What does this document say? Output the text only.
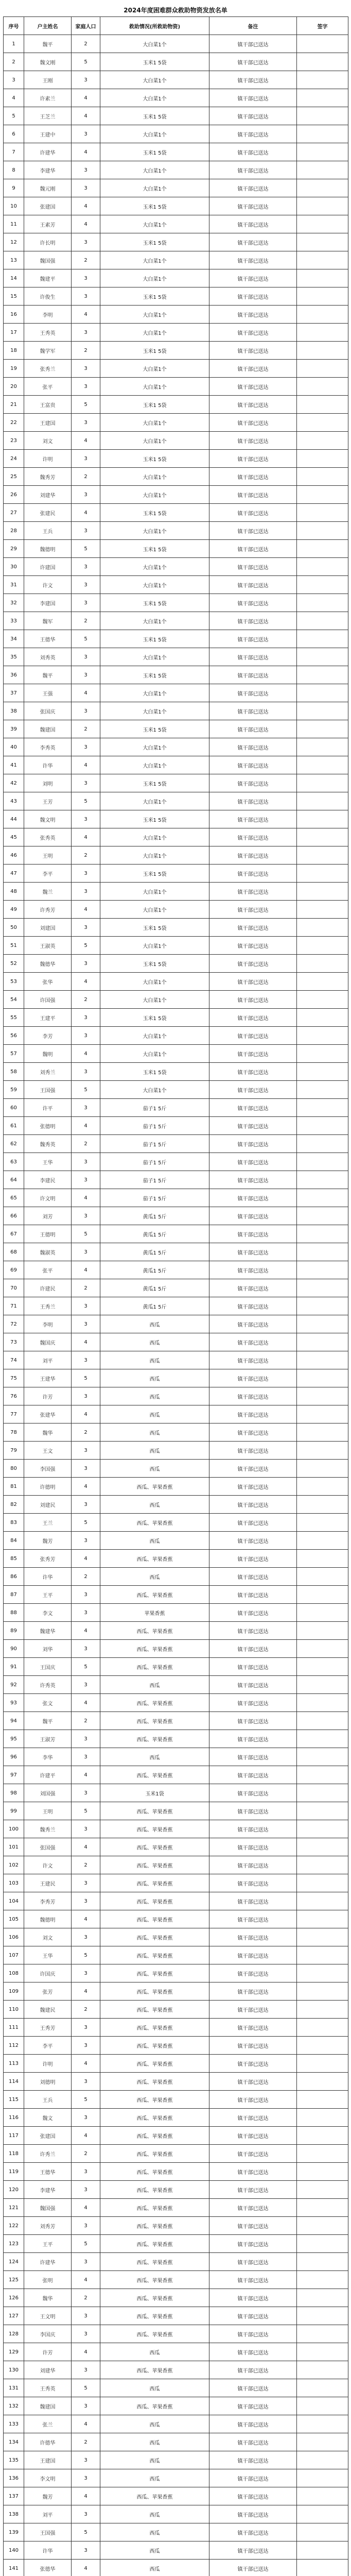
2024年度困难群众救助物资发放名单
序号	户主姓名	家庭人口	救助情况(所救助物资)	备注	签字
1	魏平	2	大白菜1个	镇干部已送达	
2	魏文刚	5	玉米1 5袋	镇干部已送达	
3	王刚	3	大白菜1个	镇干部已送达	
4	许素兰	4	大白菜1个	镇干部已送达	
5	王芝兰	4	玉米1 5袋	镇干部已送达	
6	王建中	3	大白菜1个	镇干部已送达	
7	许建华	4	玉米1 5袋	镇干部已送达	
8	李建华	3	大白菜1个	镇干部已送达	
9	魏元刚	3	大白菜1个	镇干部已送达	
10	张建国	4	玉米1 5袋	镇干部已送达	
11	王素芳	4	大白菜1个	镇干部已送达	
12	许长明	3	玉米1 5袋	镇干部已送达	
13	魏国强	2	大白菜1个	镇干部已送达	
14	魏建平	3	大白菜1个	镇干部已送达	
15	许俊生	3	玉米1 5袋	镇干部已送达	
16	李明	4	大白菜1个	镇干部已送达	
17	王秀英	3	大白菜1个	镇干部已送达	
18	魏学军	2	玉米1 5袋	镇干部已送达	
19	张秀兰	3	大白菜1个	镇干部已送达	
20	张平	3	大白菜1个	镇干部已送达	
21	王富贵	5	玉米1 5袋	镇干部已送达	
22	王建国	3	大白菜1个	镇干部已送达	
23	刘文	4	大白菜1个	镇干部已送达	
24	许明	3	玉米1 5袋	镇干部已送达	
25	魏秀芳	2	大白菜1个	镇干部已送达	
26	刘建华	3	大白菜1个	镇干部已送达	
27	张建民	4	玉米1 5袋	镇干部已送达	
28	王兵	3	大白菜1个	镇干部已送达	
29	魏德明	5	玉米1 5袋	镇干部已送达	
30	许建国	3	大白菜1个	镇干部已送达	
31	许文	3	大白菜1个	镇干部已送达	
32	李建国	3	玉米1 5袋	镇干部已送达	
33	魏军	2	大白菜1个	镇干部已送达	
34	王德华	5	玉米1 5袋	镇干部已送达	
35	刘秀英	3	大白菜1个	镇干部已送达	
36	魏平	3	玉米1 5袋	镇干部已送达	
37	王强	4	大白菜1个	镇干部已送达	
38	张国庆	3	大白菜1个	镇干部已送达	
39	魏建国	2	玉米1 5袋	镇干部已送达	
40	李秀英	3	大白菜1个	镇干部已送达	
41	许华	4	大白菜1个	镇干部已送达	
42	刘明	3	玉米1 5袋	镇干部已送达	
43	王芳	5	大白菜1个	镇干部已送达	
44	魏文明	3	玉米1 5袋	镇干部已送达	
45	张秀英	4	大白菜1个	镇干部已送达	
46	王明	2	大白菜1个	镇干部已送达	
47	李平	3	玉米1 5袋	镇干部已送达	
48	魏兰	3	大白菜1个	镇干部已送达	
49	许秀芳	4	大白菜1个	镇干部已送达	
50	刘建国	3	玉米1 5袋	镇干部已送达	
51	王淑英	5	大白菜1个	镇干部已送达	
52	魏德华	3	玉米1 5袋	镇干部已送达	
53	张华	4	大白菜1个	镇干部已送达	
54	许国强	2	大白菜1个	镇干部已送达	
55	王建平	3	玉米1 5袋	镇干部已送达	
56	李芳	3	大白菜1个	镇干部已送达	
57	魏明	4	大白菜1个	镇干部已送达	
58	刘秀兰	3	玉米1 5袋	镇干部已送达	
59	王国强	5	大白菜1个	镇干部已送达	
60	许平	3	茄子1 5斤	镇干部已送达	
61	张德明	4	茄子1 5斤	镇干部已送达	
62	魏秀英	2	茄子1 5斤	镇干部已送达	
63	王华	3	茄子1 5斤	镇干部已送达	
64	李建民	3	茄子1 5斤	镇干部已送达	
65	许文明	4	茄子1 5斤	镇干部已送达	
66	刘芳	3	黄瓜1 5斤	镇干部已送达	
67	王德明	5	黄瓜1 5斤	镇干部已送达	
68	魏淑英	3	黄瓜1 5斤	镇干部已送达	
69	张平	4	黄瓜1 5斤	镇干部已送达	
70	许建民	2	黄瓜1 5斤	镇干部已送达	
71	王秀兰	3	黄瓜1 5斤	镇干部已送达	
72	李明	3	西瓜	镇干部已送达	
73	魏国庆	4	西瓜	镇干部已送达	
74	刘平	3	西瓜	镇干部已送达	
75	王建华	5	西瓜	镇干部已送达	
76	许芳	3	西瓜	镇干部已送达	
77	张建华	4	西瓜	镇干部已送达	
78	魏华	2	西瓜	镇干部已送达	
79	王文	3	西瓜	镇干部已送达	
80	李国强	3	西瓜	镇干部已送达	
81	许德明	4	西瓜、苹果香蕉	镇干部已送达	
82	刘建民	3	西瓜	镇干部已送达	
83	王兰	5	西瓜、苹果香蕉	镇干部已送达	
84	魏芳	3	西瓜	镇干部已送达	
85	张秀芳	4	西瓜、苹果香蕉	镇干部已送达	
86	许华	2	西瓜	镇干部已送达	
87	王平	3	西瓜、苹果香蕉	镇干部已送达	
88	李文	3	苹果香蕉	镇干部已送达	
89	魏建华	4	西瓜、苹果香蕉	镇干部已送达	
90	刘华	3	西瓜、苹果香蕉	镇干部已送达	
91	王国庆	5	西瓜、苹果香蕉	镇干部已送达	
92	许秀英	3	西瓜	镇干部已送达	
93	张文	4	西瓜、苹果香蕉	镇干部已送达	
94	魏平	2	西瓜、苹果香蕉	镇干部已送达	
95	王淑芳	3	西瓜、苹果香蕉	镇干部已送达	
96	李华	3	西瓜	镇干部已送达	
97	许建平	4	西瓜、苹果香蕉	镇干部已送达	
98	刘国强	3	玉米1袋	镇干部已送达	
99	王明	5	西瓜、苹果香蕉	镇干部已送达	
100	魏秀兰	3	西瓜、苹果香蕉	镇干部已送达	
101	张国强	4	西瓜、苹果香蕉	镇干部已送达	
102	许文	2	西瓜、苹果香蕉	镇干部已送达	
103	王建民	3	西瓜、苹果香蕉	镇干部已送达	
104	李秀芳	3	西瓜、苹果香蕉	镇干部已送达	
105	魏德明	4	西瓜、苹果香蕉	镇干部已送达	
106	刘文	3	西瓜、苹果香蕉	镇干部已送达	
107	王华	5	西瓜、苹果香蕉	镇干部已送达	
108	许国庆	3	西瓜、苹果香蕉	镇干部已送达	
109	张芳	4	西瓜、苹果香蕉	镇干部已送达	
110	魏建民	2	西瓜、苹果香蕉	镇干部已送达	
111	王秀芳	3	西瓜、苹果香蕉	镇干部已送达	
112	李平	3	西瓜、苹果香蕉	镇干部已送达	
113	许明	4	西瓜、苹果香蕉	镇干部已送达	
114	刘德明	3	西瓜、苹果香蕉	镇干部已送达	
115	王兵	5	西瓜、苹果香蕉	镇干部已送达	
116	魏文	3	西瓜、苹果香蕉	镇干部已送达	
117	张建国	4	西瓜、苹果香蕉	镇干部已送达	
118	许秀兰	2	西瓜、苹果香蕉	镇干部已送达	
119	王德华	3	西瓜、苹果香蕉	镇干部已送达	
120	李建华	3	西瓜、苹果香蕉	镇干部已送达	
121	魏国强	4	西瓜、苹果香蕉	镇干部已送达	
122	刘秀芳	3	西瓜、苹果香蕉	镇干部已送达	
123	王平	5	西瓜、苹果香蕉	镇干部已送达	
124	许建华	3	西瓜、苹果香蕉	镇干部已送达	
125	张明	4	西瓜、苹果香蕉	镇干部已送达	
126	魏华	2	西瓜、苹果香蕉	镇干部已送达	
127	王文明	3	西瓜、苹果香蕉	镇干部已送达	
128	李国庆	3	西瓜、苹果香蕉	镇干部已送达	
129	许芳	4	西瓜	镇干部已送达	
130	刘建华	3	西瓜、苹果香蕉	镇干部已送达	
131	王秀英	5	西瓜	镇干部已送达	
132	魏建国	3	西瓜、苹果香蕉	镇干部已送达	
133	张兰	4	西瓜	镇干部已送达	
134	许德华	2	西瓜	镇干部已送达	
135	王建国	3	西瓜	镇干部已送达	
136	李文明	3	西瓜	镇干部已送达	
137	魏芳	4	西瓜、苹果香蕉	镇干部已送达	
138	刘平	3	西瓜	镇干部已送达	
139	王国强	5	西瓜	镇干部已送达	
140	许华	3	西瓜	镇干部已送达	
141	张德华	4	西瓜	镇干部已送达	
